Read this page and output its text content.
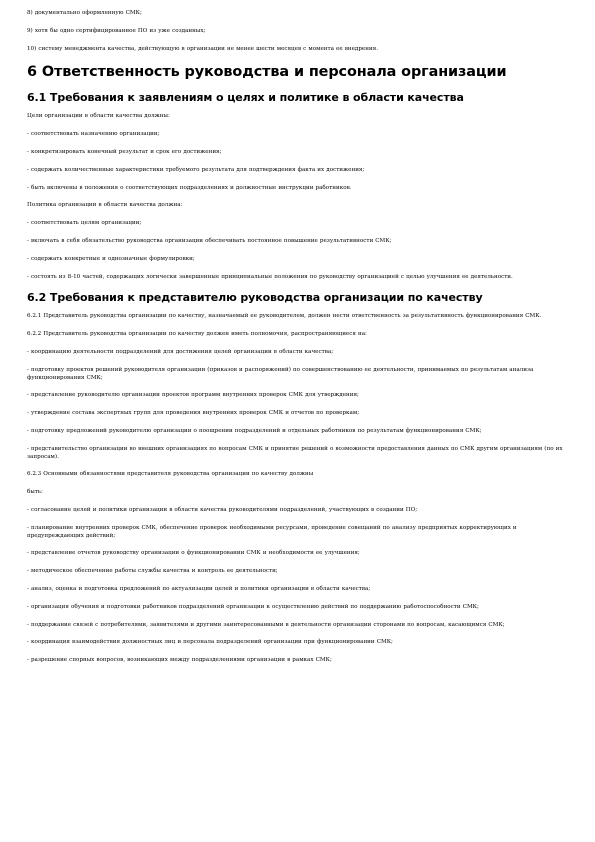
8) документально оформленную СМК;

9) хотя бы одно сертифицированное ПО из уже созданных;

10) систему менеджмента качества, действующую в организации не менее шести месяцев с момента ее внедрения.

6 Ответственность руководства и персонала организации
6.1 Требования к заявлениям о целях и политике в области качества

Цели организации в области качества должны:

- соответствовать назначению организации;

- конкретизировать конечный результат и срок его достижения;

- содержать количественные характеристики требуемого результата для подтверждения факта их достижения;

- быть включены в положения о соответствующих подразделениях и должностные инструкции работников.

Политика организации в области качества должна:

- соответствовать целям организации;

- включать в себя обязательство руководства организации обеспечивать постоянное повышение результативности СМК;

- содержать конкретные и однозначные формулировки;

- состоять из 8-10 частей, содержащих логически завершенные принципиальные положения по руководству организацией с целью улучшения ее деятельности.

6.2 Требования к представителю руководства организации по качеству

6.2.1 Представитель руководства организации по качеству, назначаемый ее руководителем, должен нести ответственность за результативность функционирования СМК.

6.2.2 Представитель руководства организации по качеству должен иметь полномочия, распространяющиеся на:

- координацию деятельности подразделений для достижения целей организации в области качества;

- подготовку проектов решений руководителя организации (приказов и распоряжений) по совершенствованию ее деятельности, принимаемых по результатам анализа функционирования СМК;

- представление руководителю организации проектов программ внутренних проверок СМК для утверждения;

- утверждение состава экспертных групп для проведения внутренних проверок СМК и отчетов по проверкам;

- подготовку предложений руководителю организации о поощрении подразделений и отдельных работников по результатам функционирования СМК;

- представительство организации во внешних организациях по вопросам СМК и принятие решений о возможности предоставления данных по СМК другим организациям (по их запросам).

6.2.3 Основными обязанностями представителя руководства организации по качеству должны

быть:

- согласование целей и политики организации в области качества руководителями подразделений, участвующих в создании ПО;

- планирование внутренних проверок СМК, обеспечение проверок необходимыми ресурсами, проведение совещаний по анализу предприятых корректирующих и предупреждающих действий;

- представление отчетов руководству организации о функционировании СМК и необходимости ее улучшения;

- методическое обеспечение работы службы качества и контроль ее деятельности;

- анализ, оценка и подготовка предложений по актуализации целей и политики организации в области качества;

- организация обучения и подготовки работников подразделений организации к осуществлению действий по поддержанию работоспособности СМК;

- поддержание связей с потребителями, заявителями и другими заинтересованными в деятельности организации сторонами по вопросам, касающимся СМК;

- координация взаимодействия должностных лиц и персонала подразделений организации при функционировании СМК;

- разрешение спорных вопросов, возникающих между подразделениями организации в рамках СМК;
